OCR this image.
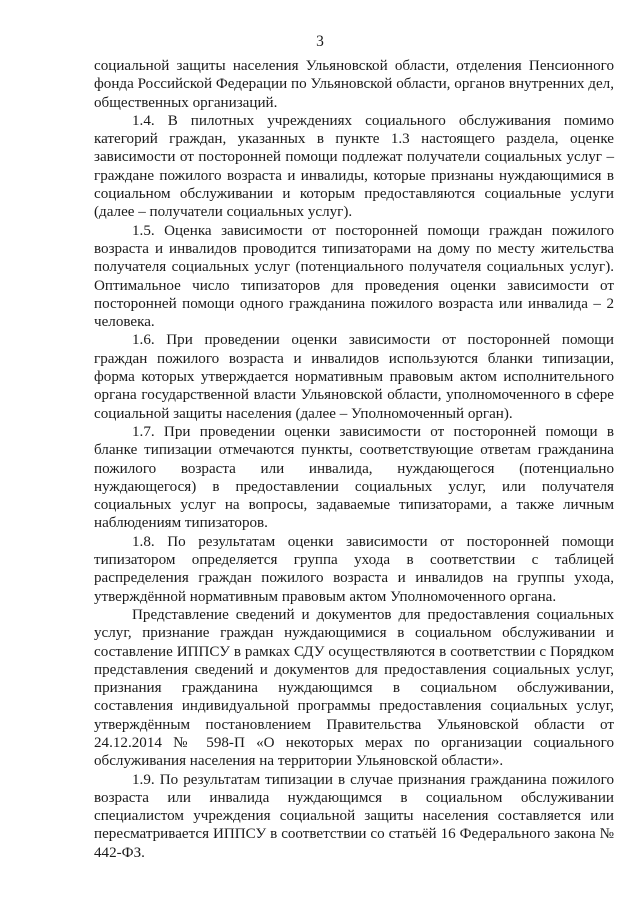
3

социальной защиты населения Ульяновской области, отделения Пенсионного фонда Российской Федерации по Ульяновской области, органов внутренних дел, общественных организаций.

1.4. В пилотных учреждениях социального обслуживания помимо категорий граждан, указанных в пункте 1.3 настоящего раздела, оценке зависимости от посторонней помощи подлежат получатели социальных услуг – граждане пожилого возраста и инвалиды, которые признаны нуждающимися в социальном обслуживании и которым предоставляются социальные услуги (далее – получатели социальных услуг).

1.5. Оценка зависимости от посторонней помощи граждан пожилого возраста и инвалидов проводится типизаторами на дому по месту жительства получателя социальных услуг (потенциального получателя социальных услуг). Оптимальное число типизаторов для проведения оценки зависимости от посторонней помощи одного гражданина пожилого возраста или инвалида – 2 человека.

1.6. При проведении оценки зависимости от посторонней помощи граждан пожилого возраста и инвалидов используются бланки типизации, форма которых утверждается нормативным правовым актом исполнительного органа государственной власти Ульяновской области, уполномоченного в сфере социальной защиты населения (далее – Уполномоченный орган).

1.7. При проведении оценки зависимости от посторонней помощи в бланке типизации отмечаются пункты, соответствующие ответам гражданина пожилого возраста или инвалида, нуждающегося (потенциально нуждающегося) в предоставлении социальных услуг, или получателя социальных услуг на вопросы, задаваемые типизаторами, а также личным наблюдениям типизаторов.

1.8. По результатам оценки зависимости от посторонней помощи типизатором определяется группа ухода в соответствии с таблицей распределения граждан пожилого возраста и инвалидов на группы ухода, утверждённой нормативным правовым актом Уполномоченного органа.

Представление сведений и документов для предоставления социальных услуг, признание граждан нуждающимися в социальном обслуживании и составление ИППСУ в рамках СДУ осуществляются в соответствии с Порядком представления сведений и документов для предоставления социальных услуг, признания гражданина нуждающимся в социальном обслуживании, составления индивидуальной программы предоставления социальных услуг, утверждённым постановлением Правительства Ульяновской области от 24.12.2014 № 598-П «О некоторых мерах по организации социального обслуживания населения на территории Ульяновской области».

1.9. По результатам типизации в случае признания гражданина пожилого возраста или инвалида нуждающимся в социальном обслуживании специалистом учреждения социальной защиты населения составляется или пересматривается ИППСУ в соответствии со статьёй 16 Федерального закона № 442-ФЗ.
